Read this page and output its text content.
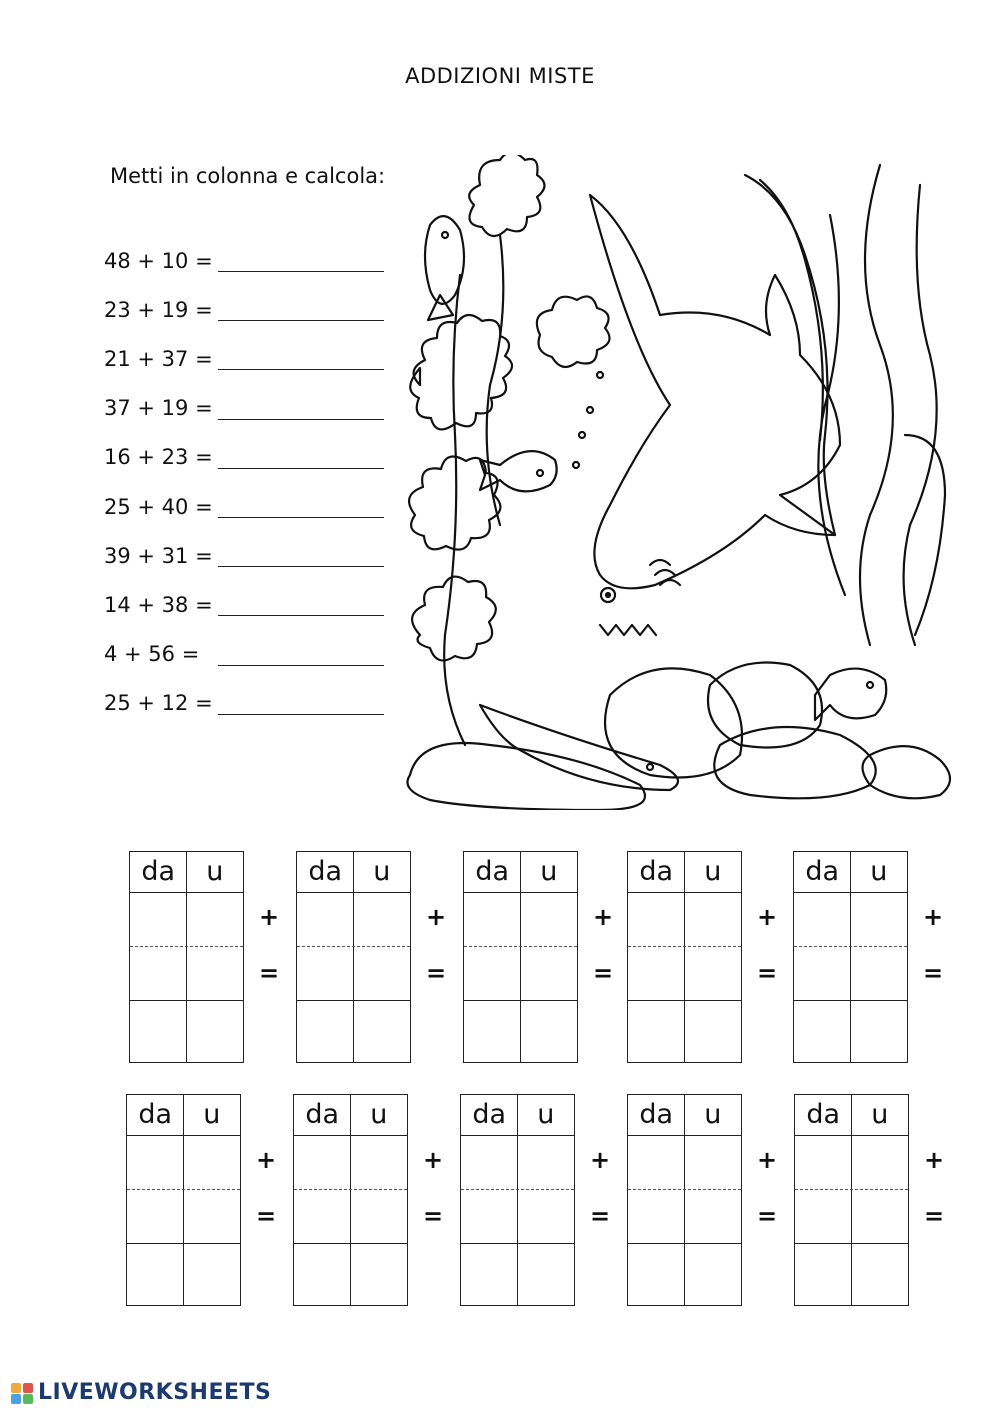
ADDIZIONI MISTE
Metti in colonna e calcola:
48 + 10 =
23 + 19 =
21 + 37 =
37 + 19 =
16 + 23 =
25 + 40 =
39 + 31 =
14 + 38 =
4 + 56 =
25 + 12 =
da	u
+
=
da	u
+
=
da	u
+
=
da	u
+
=
da	u
+
=
da	u
+
=
da	u
+
=
da	u
+
=
da	u
+
=
da	u
+
=
LIVEWORKSHEETS
